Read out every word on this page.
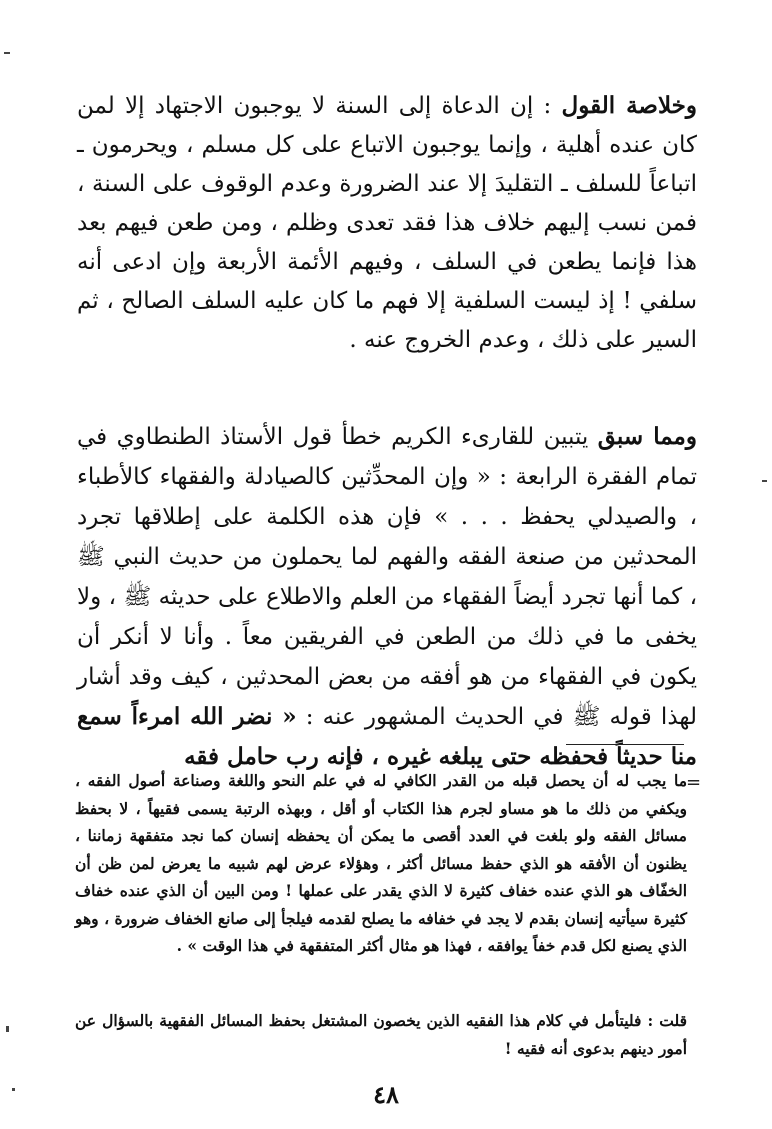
وخلاصة القول : إن الدعاة إلى السنة لا يوجبون الاجتهاد إلا لمن كان عنده أهلية ، وإنما يوجبون الاتباع على كل مسلم ، ويحرمون ـ اتباعاً للسلف ـ التقليدَ إلا عند الضرورة وعدم الوقوف على السنة ، فمن نسب إليهم خلاف هذا فقد تعدى وظلم ، ومن طعن فيهم بعد هذا فإنما يطعن في السلف ، وفيهم الأئمة الأربعة وإن ادعى أنه سلفي ! إذ ليست السلفية إلا فهم ما كان عليه السلف الصالح ، ثم السير على ذلك ، وعدم الخروج عنه .

ومما سبق يتبين للقارىء الكريم خطأ قول الأستاذ الطنطاوي في تمام الفقرة الرابعة : « وإن المحدِّثين كالصيادلة والفقهاء كالأطباء ، والصيدلي يحفظ . . . » فإن هذه الكلمة على إطلاقها تجرد المحدثين من صنعة الفقه والفهم لما يحملون من حديث النبي ﷺ ، كما أنها تجرد أيضاً الفقهاء من العلم والاطلاع على حديثه ﷺ ، ولا يخفى ما في ذلك من الطعن في الفريقين معاً . وأنا لا أنكر أن يكون في الفقهاء من هو أفقه من بعض المحدثين ، كيف وقد أشار لهذا قوله ﷺ في الحديث المشهور عنه : « نضر الله امرءاً سمع منا حديثاً فحفظه حتى يبلغه غيره ، فإنه رب حامل فقه

=

ما يجب له أن يحصل قبله من القدر الكافي له في علم النحو واللغة وصناعة أصول الفقه ، ويكفي من ذلك ما هو مساو لجرم هذا الكتاب أو أقل ، وبهذه الرتبة يسمى فقيهاً ، لا بحفظ مسائل الفقه ولو بلغت في العدد أقصى ما يمكن أن يحفظه إنسان كما نجد متفقهة زماننا ، يظنون أن الأفقه هو الذي حفظ مسائل أكثر ، وهؤلاء عرض لهم شبيه ما يعرض لمن ظن أن الخفّاف هو الذي عنده خفاف كثيرة لا الذي يقدر على عملها ! ومن البين أن الذي عنده خفاف كثيرة سيأتيه إنسان بقدم لا يجد في خفافه ما يصلح لقدمه فيلجأ إلى صانع الخفاف ضرورة ، وهو الذي يصنع لكل قدم خفاً يوافقه ، فهذا هو مثال أكثر المتفقهة في هذا الوقت » .

قلت : فليتأمل في كلام هذا الفقيه الذين يخصون المشتغل بحفظ المسائل الفقهية بالسؤال عن أمور دينهم بدعوى أنه فقيه !

٤٨
